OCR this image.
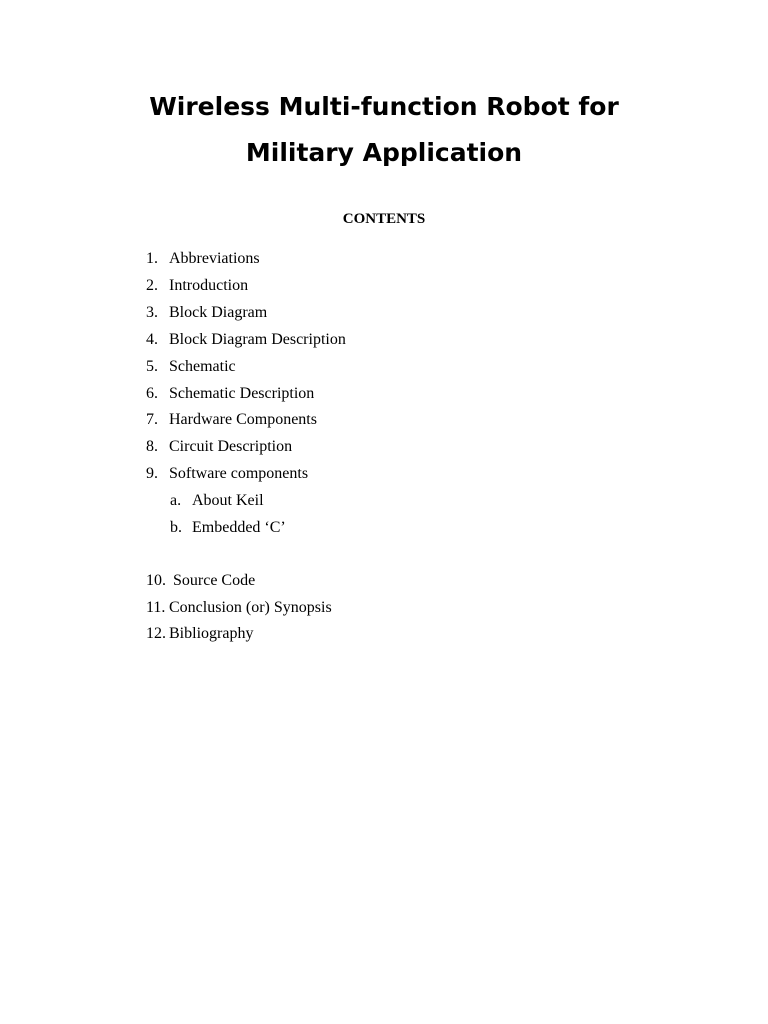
Wireless Multi-function Robot for
Military Application
CONTENTS
1. Abbreviations
2. Introduction
3. Block Diagram
4. Block Diagram Description
5. Schematic
6. Schematic Description
7. Hardware Components
8. Circuit Description
9. Software components
a. About Keil
b. Embedded ‘C’
10. Source Code
11. Conclusion (or) Synopsis
12. Bibliography
